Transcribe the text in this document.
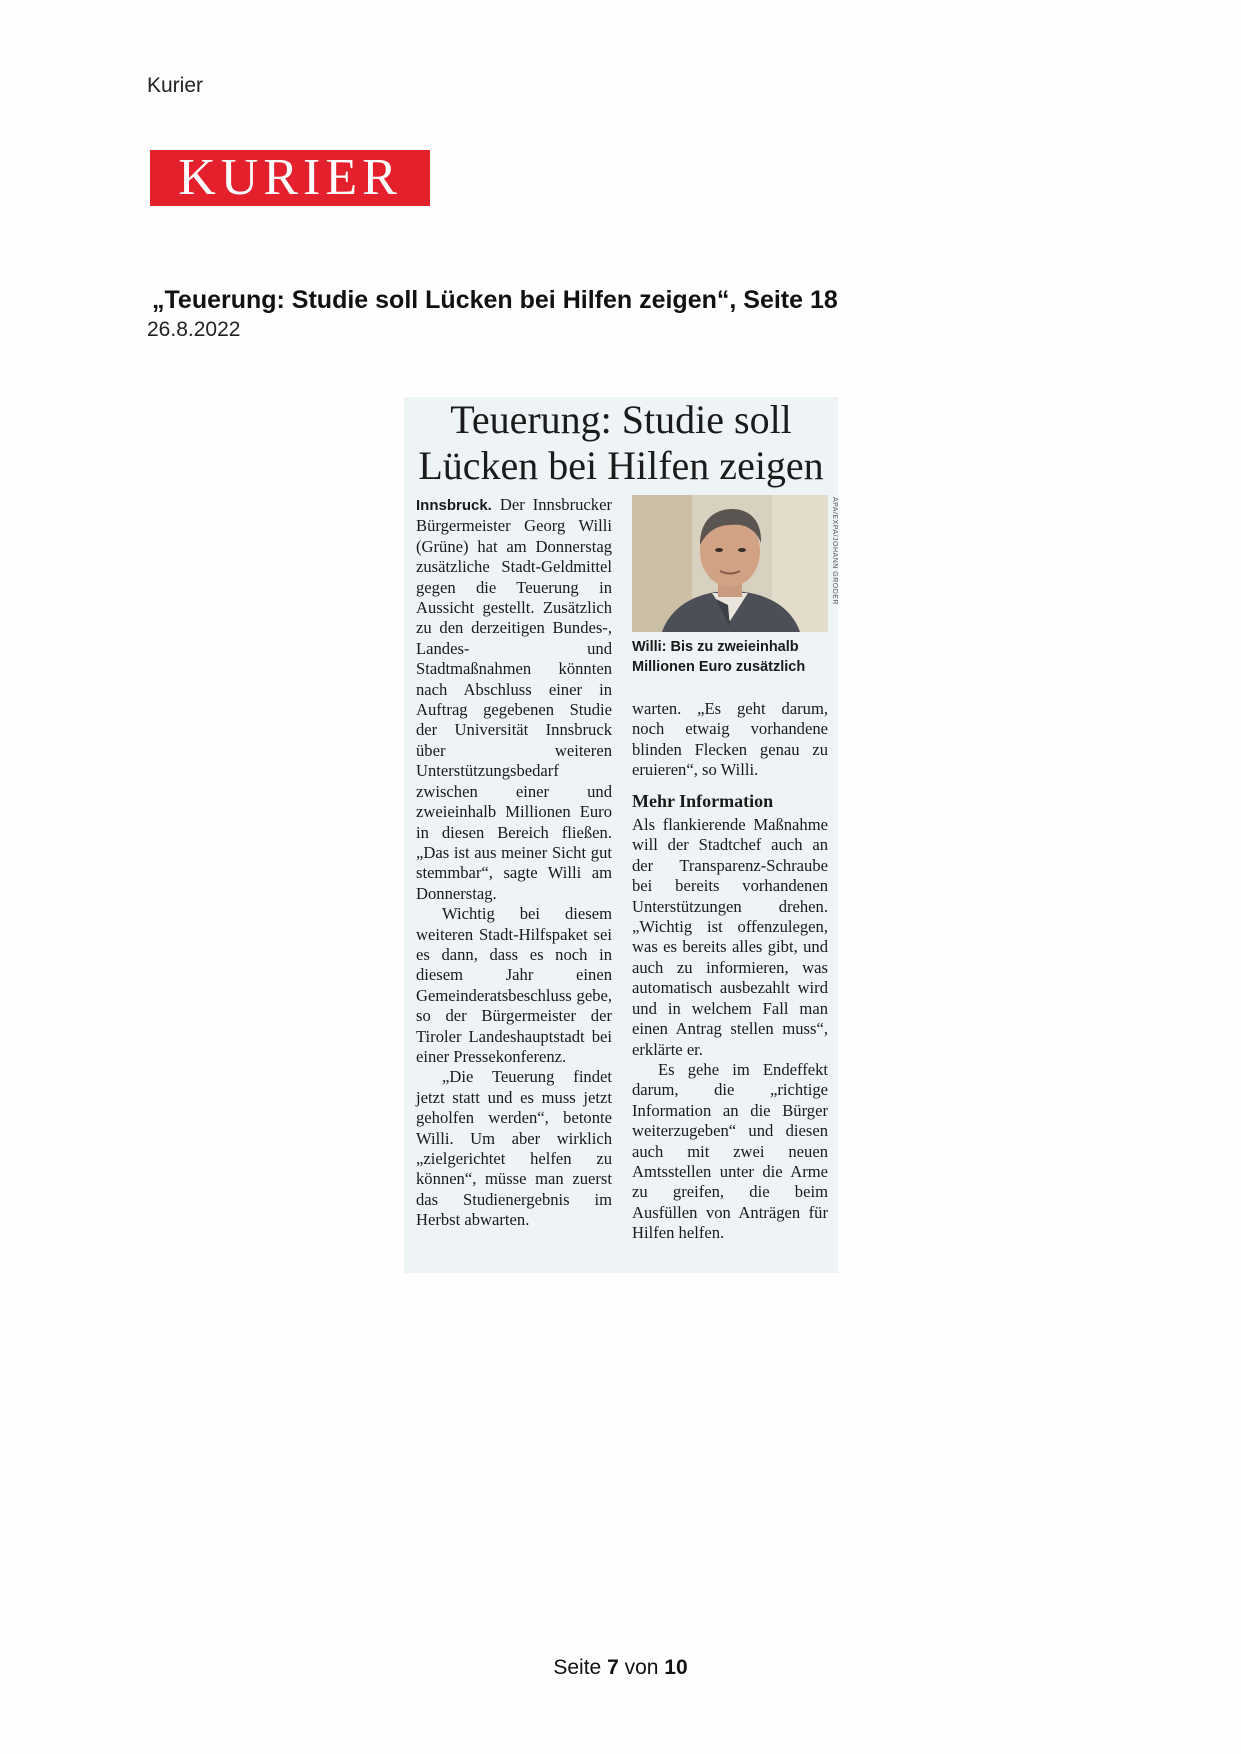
Kurier
KURIER
„Teuerung: Studie soll Lücken bei Hilfen zeigen“, Seite 18
26.8.2022
Teuerung: Studie soll
Lücken bei Hilfen zeigen

Innsbruck. Der Innsbrucker Bürgermeister Georg Willi (Grüne) hat am Donnerstag zusätzliche Stadt-Geldmittel gegen die Teuerung in Aussicht gestellt. Zusätzlich zu den derzeitigen Bundes-, Landes- und Stadtmaßnahmen könnten nach Abschluss einer in Auftrag gegebenen Studie der Universität Innsbruck über weiteren Unterstützungsbedarf zwischen einer und zweieinhalb Millionen Euro in diesen Bereich fließen. „Das ist aus meiner Sicht gut stemmbar“, sagte Willi am Donnerstag.

Wichtig bei diesem weiteren Stadt-Hilfspaket sei es dann, dass es noch in diesem Jahr einen Gemeinderatsbeschluss gebe, so der Bürgermeister der Tiroler Landeshauptstadt bei einer Pressekonferenz.

„Die Teuerung findet jetzt statt und es muss jetzt geholfen werden“, betonte Willi. Um aber wirklich „zielgerichtet helfen zu können“, müsse man zuerst das Studienergebnis im Herbst abwarten.

APA/EXPA/JOHANN GRODER
Willi: Bis zu zweieinhalb Millionen Euro zusätzlich

warten. „Es geht darum, noch etwaig vorhandene blinden Flecken genau zu eruieren“, so Willi.

Mehr Information

Als flankierende Maßnahme will der Stadtchef auch an der Transparenz-Schraube bei bereits vorhandenen Unterstützungen drehen. „Wichtig ist offenzulegen, was es bereits alles gibt, und auch zu informieren, was automatisch ausbezahlt wird und in welchem Fall man einen Antrag stellen muss“, erklärte er.

Es gehe im Endeffekt darum, die „richtige Information an die Bürger weiterzugeben“ und diesen auch mit zwei neuen Amtsstellen unter die Arme zu greifen, die beim Ausfüllen von Anträgen für Hilfen helfen.

Seite 7 von 10
